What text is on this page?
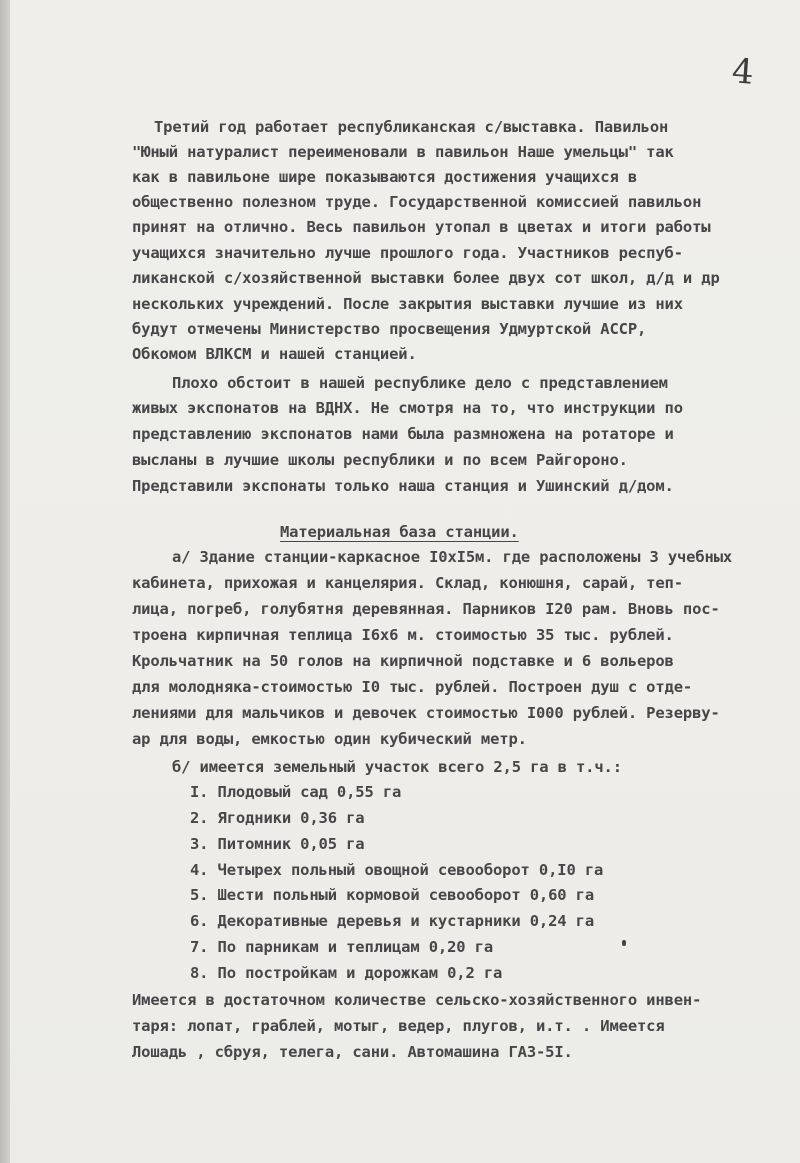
4
Третий год работает республиканская с/выставка. Павильон
"Юный натуралист переименовали в павильон Наше умельцы" так
как в павильоне шире показываются достижения учащихся в
общественно полезном труде. Государственной комиссией павильон
принят на отлично. Весь павильон утопал в цветах и итоги работы
учащихся значительно лучше прошлого года. Участников респуб-
ликанской с/хозяйственной выставки более двух сот школ, д/д и др
нескольких учреждений. После закрытия выставки лучшие из них
будут отмечены Министерство просвещения Удмуртской АССР,
Обкомом ВЛКСМ и нашей станцией.
Плохо обстоит в нашей республике дело с представлением
живых экспонатов на ВДНХ. Не смотря на то, что инструкции по
представлению экспонатов нами была размножена на ротаторе и
высланы в лучшие школы республики и по всем Райгороно.
Представили экспонаты только наша станция и Ушинский д/дом.
Материальная база станции.
а/ Здание станции-каркасное I0хI5м. где расположены 3 учебных
кабинета, прихожая и канцелярия. Склад, конюшня, сарай, теп-
лица, погреб, голубятня деревянная. Парников I20 рам. Вновь пос-
троена кирпичная теплица I6х6 м. стоимостью 35 тыс. рублей.
Крольчатник на 50 голов на кирпичной подставке и 6 вольеров
для молодняка-стоимостью I0 тыс. рублей. Построен душ с отде-
лениями для мальчиков и девочек стоимостью I000 рублей. Резерву-
ар для воды, емкостью один кубический метр.
б/ имеется земельный участок всего 2,5 га в т.ч.:
I. Плодовый сад 0,55 га
2. Ягодники 0,36 га
3. Питомник 0,05 га
4. Четырех польный овощной севооборот 0,I0 га
5. Шести польный кормовой севооборот 0,60 га
6. Декоративные деревья и кустарники 0,24 га
7. По парникам и теплицам 0,20 га
8. По постройкам и дорожкам 0,2 га
Имеется в достаточном количестве сельско-хозяйственного инвен-
таря: лопат, граблей, мотыг, ведер, плугов, и.т. . Имеется
Лошадь , сбруя, телега, сани. Автомашина ГАЗ-5I.
